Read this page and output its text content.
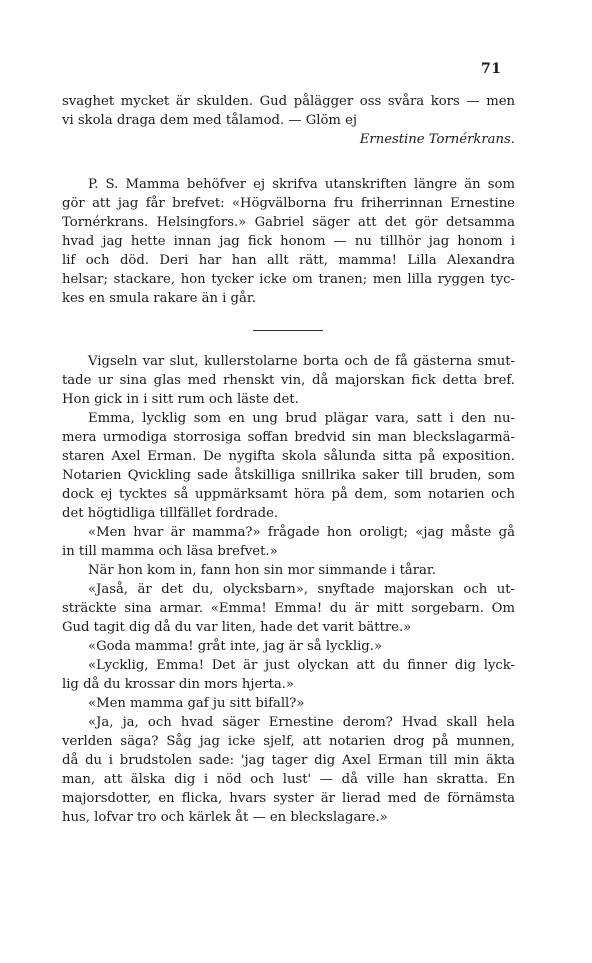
71
svaghet mycket är skulden. Gud pålägger oss svåra kors — men
vi skola draga dem med tålamod. — Glöm ej
Ernestine Tornérkrans.
P. S. Mamma behöfver ej skrifva utanskriften längre än som
gör att jag får brefvet: «Högvälborna fru friherrinnan Ernestine
Tornérkrans. Helsingfors.» Gabriel säger att det gör detsamma
hvad jag hette innan jag fick honom — nu tillhör jag honom i
lif och död. Deri har han allt rätt, mamma! Lilla Alexandra
helsar; stackare, hon tycker icke om tranen; men lilla ryggen tyc-
kes en smula rakare än i går.
Vigseln var slut, kullerstolarne borta och de få gästerna smut-
tade ur sina glas med rhenskt vin, då majorskan fick detta bref.
Hon gick in i sitt rum och läste det.
Emma, lycklig som en ung brud plägar vara, satt i den nu-
mera urmodiga storrosiga soffan bredvid sin man bleckslagarmä-
staren Axel Erman. De nygifta skola sålunda sitta på exposition.
Notarien Qvickling sade åtskilliga snillrika saker till bruden, som
dock ej tycktes så uppmärksamt höra på dem, som notarien och
det högtidliga tillfället fordrade.
«Men hvar är mamma?» frågade hon oroligt; «jag måste gå
in till mamma och läsa brefvet.»
När hon kom in, fann hon sin mor simmande i tårar.
«Jaså, är det du, olycksbarn», snyftade majorskan och ut-
sträckte sina armar. «Emma! Emma! du är mitt sorgebarn. Om
Gud tagit dig då du var liten, hade det varit bättre.»
«Goda mamma! gråt inte, jag är så lycklig.»
«Lycklig, Emma! Det är just olyckan att du finner dig lyck-
lig då du krossar din mors hjerta.»
«Men mamma gaf ju sitt bifall?»
«Ja, ja, och hvad säger Ernestine derom? Hvad skall hela
verlden säga? Såg jag icke sjelf, att notarien drog på munnen,
då du i brudstolen sade: 'jag tager dig Axel Erman till min äkta
man, att älska dig i nöd och lust' — då ville han skratta. En
majorsdotter, en flicka, hvars syster är lierad med de förnämsta
hus, lofvar tro och kärlek åt — en bleckslagare.»
